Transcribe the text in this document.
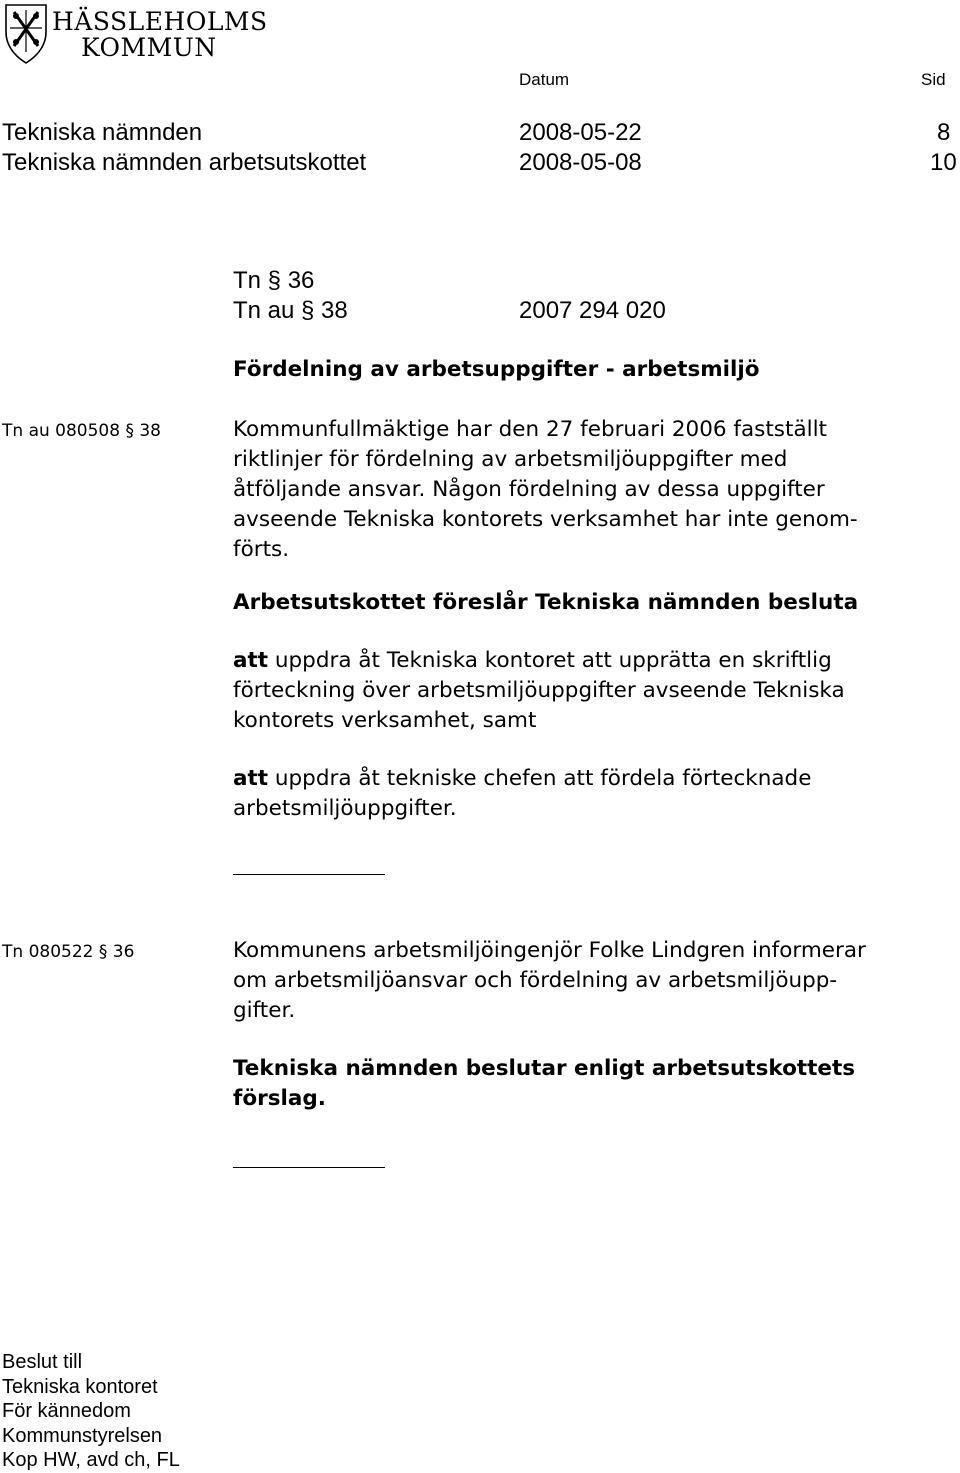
HÄSSLEHOLMS
KOMMUN
Datum	Sid
Tekniska nämnden	2008-05-22	8
Tekniska nämnden arbetsutskottet	2008-05-08	10
Tn § 36
Tn au § 38	2007 294 020
Fördelning av arbetsuppgifter - arbetsmiljö
Tn au 080508 § 38	Kommunfullmäktige har den 27 februari 2006 fastställt
riktlinjer för fördelning av arbetsmiljöuppgifter med
åtföljande ansvar. Någon fördelning av dessa uppgifter
avseende Tekniska kontorets verksamhet har inte genom-
förts.
Arbetsutskottet föreslår Tekniska nämnden besluta
att uppdra åt Tekniska kontoret att upprätta en skriftlig
förteckning över arbetsmiljöuppgifter avseende Tekniska
kontorets verksamhet, samt
att uppdra åt tekniske chefen att fördela förtecknade
arbetsmiljöuppgifter.
Tn 080522 § 36	Kommunens arbetsmiljöingenjör Folke Lindgren informerar
om arbetsmiljöansvar och fördelning av arbetsmiljöupp-
gifter.
Tekniska nämnden beslutar enligt arbetsutskottets
förslag.
Beslut till
Tekniska kontoret
För kännedom
Kommunstyrelsen
Kop HW, avd ch, FL
